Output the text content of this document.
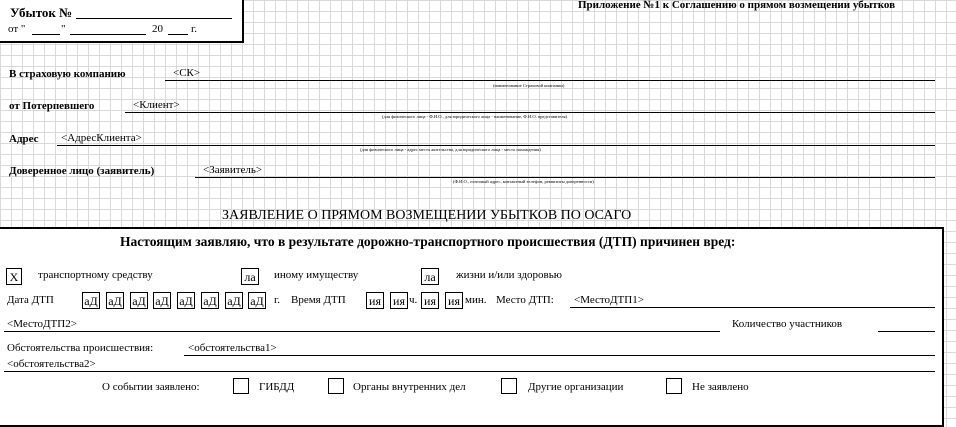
Убыток №
от "	"	20	г.
Приложение №1 к Соглашению о прямом возмещении убытков
В страховую компанию	<СК>
(наименование Страховой компании)
от Потерпевшего	<Клиент>
(для физического лица - Ф.И.О., для юридического лица - наименование, Ф.И.О. представителя)
Адрес <АдресКлиента>
(для физического лица - адрес места жительства, для юридического лица - место нахождения)
Доверенное лицо (заявитель)	<Заявитель>
(Ф.И.О., почтовый адрес, контактный телефон, реквизиты доверенности)
ЗАЯВЛЕНИЕ О ПРЯМОМ ВОЗМЕЩЕНИИ УБЫТКОВ ПО ОСАГО
Настоящим заявляю, что в результате дорожно-транспортного происшествия (ДТП) причинен вред:
X	транспортному средству	ла	иному имуществу	ла	жизни и/или здоровью
Дата ДТП	аД аД аД аД аД аД аД аД г. Время ДТП ия ия ч. ия ия мин. Место ДТП: <МестоДТП1>
<МестоДТП2>	Количество участников
Обстоятельства происшествия:	<обстоятельства1>
<обстоятельства2>
О событии заявлено:	ГИБДД	Органы внутренних дел	Другие организации	Не заявлено
